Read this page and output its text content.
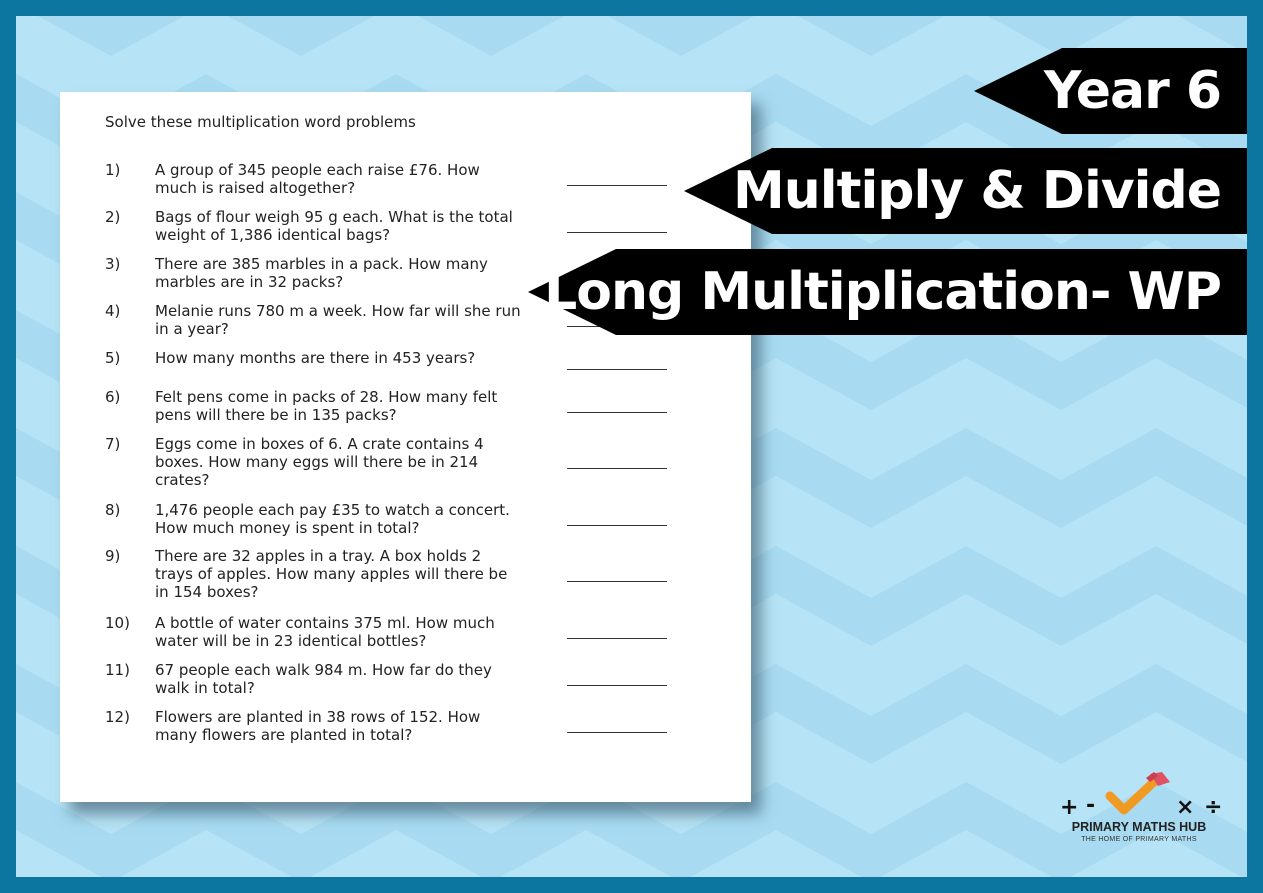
Solve these multiplication word problems
1) A group of 345 people each raise £76. How
much is raised altogether?
2) Bags of flour weigh 95 g each. What is the total
weight of 1,386 identical bags?
3) There are 385 marbles in a pack. How many
marbles are in 32 packs?
4) Melanie runs 780 m a week. How far will she run
in a year?
5) How many months are there in 453 years?
6) Felt pens come in packs of 28. How many felt
pens will there be in 135 packs?
7) Eggs come in boxes of 6. A crate contains 4
boxes. How many eggs will there be in 214
crates?
8) 1,476 people each pay £35 to watch a concert.
How much money is spent in total?
9) There are 32 apples in a tray. A box holds 2
trays of apples. How many apples will there be
in 154 boxes?
10) A bottle of water contains 375 ml. How much
water will be in 23 identical bottles?
11) 67 people each walk 984 m. How far do they
walk in total?
12) Flowers are planted in 38 rows of 152. How
many flowers are planted in total?
Year 6
Multiply & Divide
Long Multiplication- WP
+ -	× ÷
PRIMARY MATHS HUB
THE HOME OF PRIMARY MATHS
